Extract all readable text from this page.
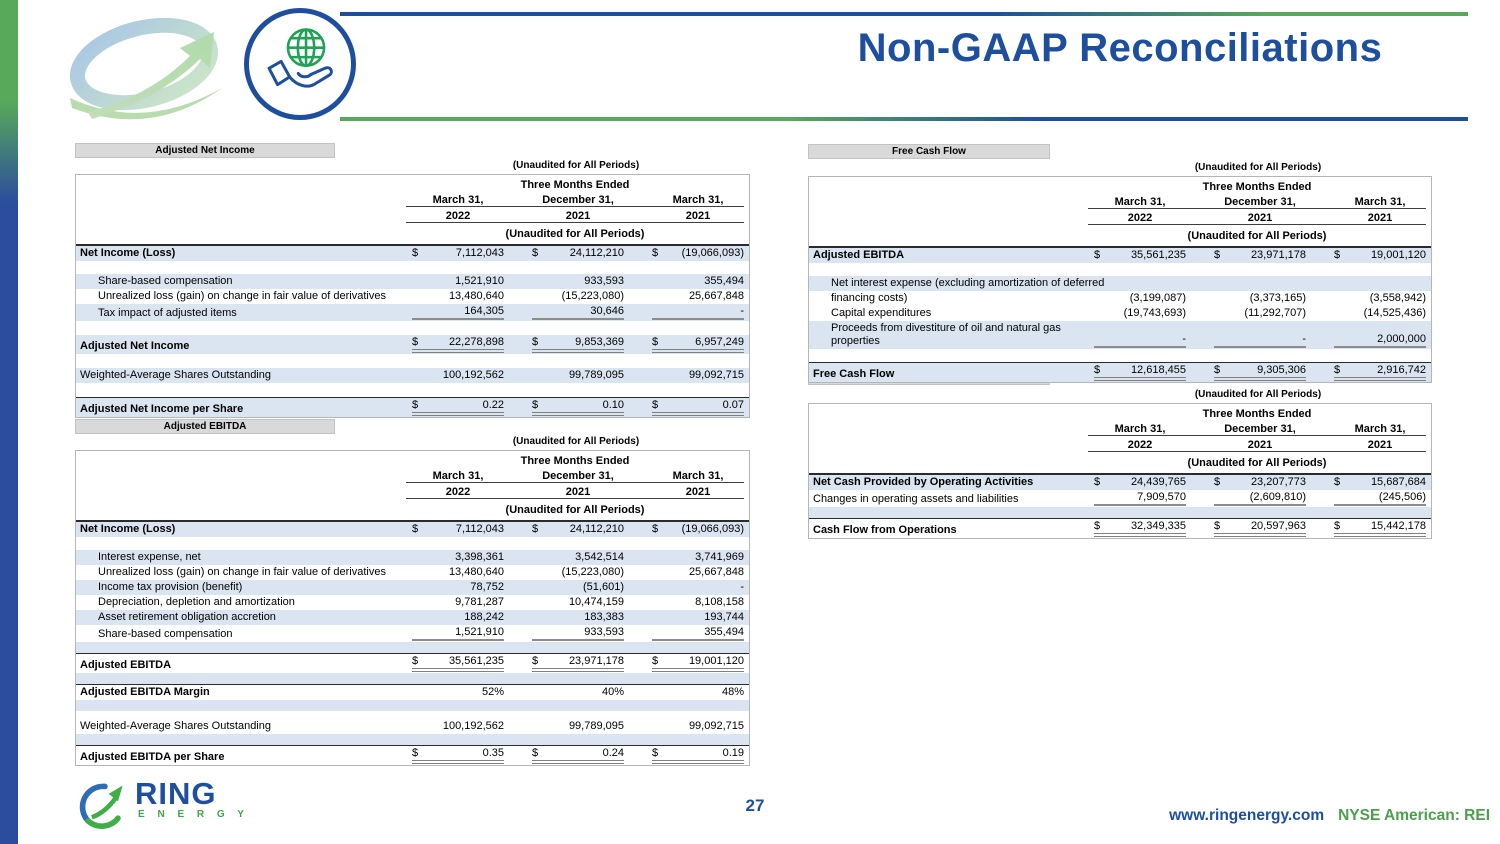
Non-GAAP Reconciliations
Adjusted Net Income
Adjusted EBITDA
Free Cash Flow
(Unaudited for All Periods)
Three Months Ended
March 31,	December 31,	March 31,
2022	2021	2021
(Unaudited for All Periods)
Net Income (Loss)	$	7,112,043	$	24,112,210	$ (19,066,093)
Share-based compensation	1,521,910	933,593	355,494
Unrealized loss (gain) on change in fair value of derivatives	13,480,640	(15,223,080)	25,667,848
Tax impact of adjusted items	164,305	30,646	-
Adjusted Net Income	$	22,278,898	$	9,853,369	$	6,957,249
Weighted-Average Shares Outstanding	100,192,562	99,789,095	99,092,715
Adjusted Net Income per Share	$	0.22	$	0.10	$	0.07
(Unaudited for All Periods)
Three Months Ended
March 31,	December 31,	March 31,
2022	2021	2021
(Unaudited for All Periods)
Net Income (Loss)	$	7,112,043	$	24,112,210	$ (19,066,093)
Interest expense, net	3,398,361	3,542,514	3,741,969
Unrealized loss (gain) on change in fair value of derivatives	13,480,640	(15,223,080)	25,667,848
Income tax provision (benefit)	78,752	(51,601)	-
Depreciation, depletion and amortization	9,781,287	10,474,159	8,108,158
Asset retirement obligation accretion	188,242	183,383	193,744
Share-based compensation	1,521,910	933,593	355,494
Adjusted EBITDA	$	35,561,235	$	23,971,178	$	19,001,120
Adjusted EBITDA Margin	52%	40%	48%
Weighted-Average Shares Outstanding	100,192,562	99,789,095	99,092,715
Adjusted EBITDA per Share	$	0.35	$	0.24	$	0.19
(Unaudited for All Periods)
Three Months Ended
March 31,	December 31,	March 31,
2022	2021	2021
(Unaudited for All Periods)
Adjusted EBITDA	$	35,561,235	$	23,971,178	$	19,001,120
Net interest expense (excluding amortization of deferred
financing costs)	(3,199,087)	(3,373,165)	(3,558,942)
Capital expenditures	(19,743,693)	(11,292,707)	(14,525,436)
Proceeds from divestiture of oil and natural gas properties	-	-	2,000,000
Free Cash Flow	$	12,618,455	$	9,305,306	$	2,916,742
(Unaudited for All Periods)
Three Months Ended
March 31,	December 31,	March 31,
2022	2021	2021
(Unaudited for All Periods)
Net Cash Provided by Operating Activities	$	24,439,765	$	23,207,773	$	15,687,684
Changes in operating assets and liabilities	7,909,570	(2,609,810)	(245,506)
Cash Flow from Operations	$	32,349,335	$	20,597,963	$	15,442,178
RING
E N E R G Y	27
www.ringenergy.com NYSE American: REI
